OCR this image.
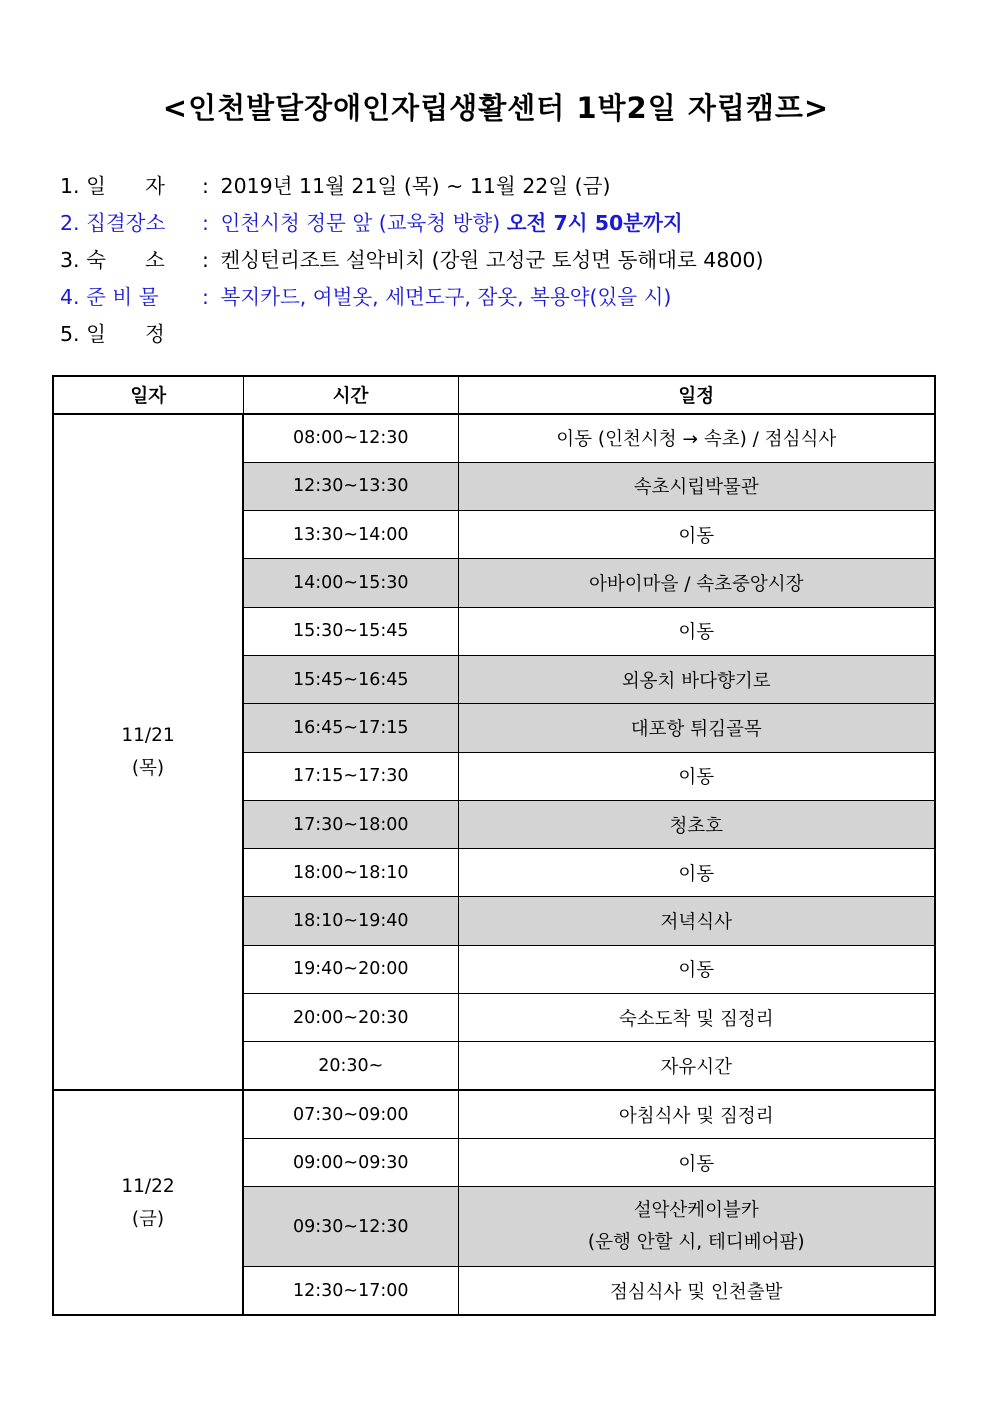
<인천발달장애인자립생활센터 1박2일 자립캠프>
1. 일      자 : 2019년 11월 21일 (목) ~ 11월 22일 (금)
2. 집결장소 : 인천시청 정문 앞 (교육청 방향) 오전 7시 50분까지
3. 숙      소 : 켄싱턴리조트 설악비치 (강원 고성군 토성면 동해대로 4800)
4. 준 비 물 : 복지카드, 여벌옷, 세면도구, 잠옷, 복용약(있을 시)
5. 일      정
일자	시간	일정

11/21
(목)	08:00~12:30	이동 (인천시청 → 속초) / 점심식사

	12:30~13:30	속초시립박물관

	13:30~14:00	이동

	14:00~15:30	아바이마을 / 속초중앙시장

	15:30~15:45	이동

	15:45~16:45	외옹치 바다향기로

	16:45~17:15	대포항 튀김골목

	17:15~17:30	이동

	17:30~18:00	청초호

	18:00~18:10	이동

	18:10~19:40	저녁식사

	19:40~20:00	이동

	20:00~20:30	숙소도착 및 짐정리

	20:30~	자유시간

11/22
(금)	07:30~09:00	아침식사 및 짐정리

	09:00~09:30	이동

	09:30~12:30	설악산케이블카
(운행 안할 시, 테디베어팜)

	12:30~17:00	점심식사 및 인천출발
